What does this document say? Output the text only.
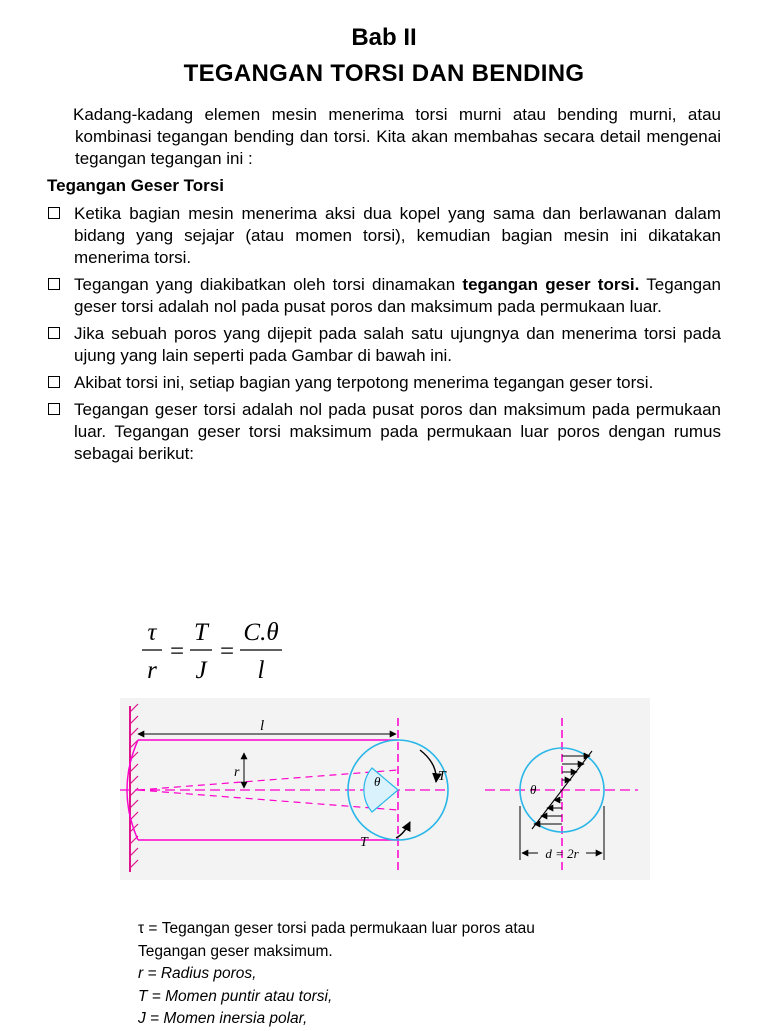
Bab II
TEGANGAN TORSI DAN BENDING
Kadang-kadang elemen mesin menerima torsi murni atau bending murni, atau kombinasi tegangan bending dan torsi. Kita akan membahas secara detail mengenai tegangan tegangan ini :
Tegangan Geser Torsi
Ketika bagian mesin menerima aksi dua kopel yang sama dan berlawanan dalam bidang yang sejajar (atau momen torsi), kemudian bagian mesin ini dikatakan menerima torsi.
Tegangan yang diakibatkan oleh torsi dinamakan tegangan geser torsi. Tegangan geser torsi adalah nol pada pusat poros dan maksimum pada permukaan luar.
Jika sebuah poros yang dijepit pada salah satu ujungnya dan menerima torsi pada ujung yang lain seperti pada Gambar di bawah ini.
Akibat torsi ini, setiap bagian yang terpotong menerima tegangan geser torsi.
Tegangan geser torsi adalah nol pada pusat poros dan maksimum pada permukaan luar. Tegangan geser torsi maksimum pada permukaan luar poros dengan rumus sebagai berikut:
τ
r
=
T
J
=
C.θ
l
θ
l
r	T
T
θ
d = 2r
τ = Tegangan geser torsi pada permukaan luar poros atau
Tegangan geser maksimum.
r = Radius poros,
T = Momen puntir atau torsi,
J = Momen inersia polar,
